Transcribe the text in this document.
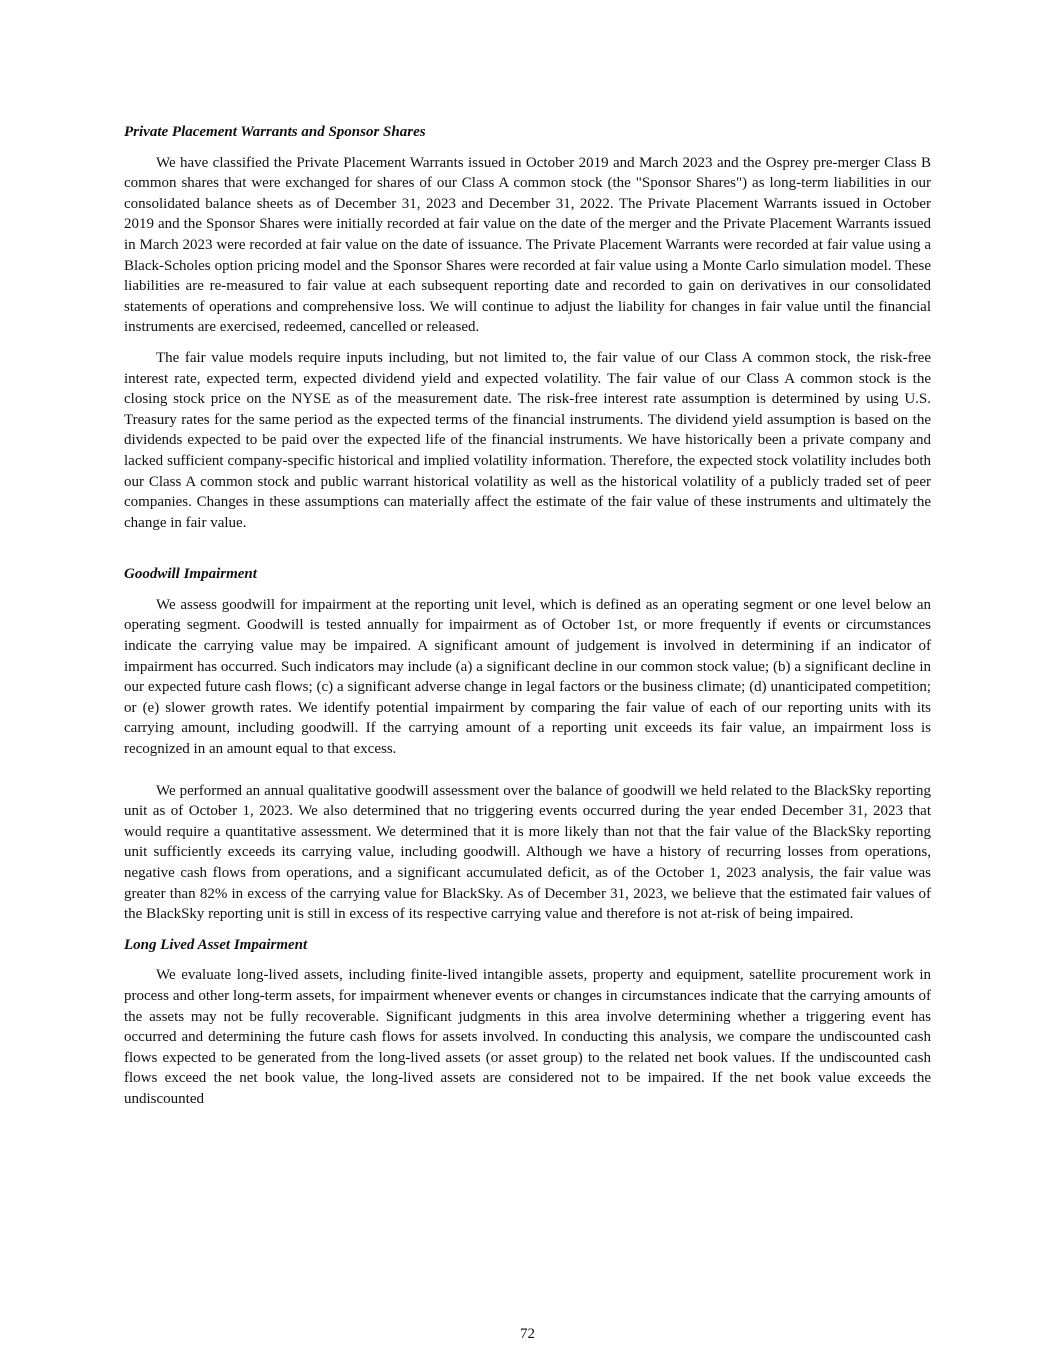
Private Placement Warrants and Sponsor Shares

We have classified the Private Placement Warrants issued in October 2019 and March 2023 and the Osprey pre-merger Class B common shares that were exchanged for shares of our Class A common stock (the "Sponsor Shares") as long-term liabilities in our consolidated balance sheets as of December 31, 2023 and December 31, 2022. The Private Placement Warrants issued in October 2019 and the Sponsor Shares were initially recorded at fair value on the date of the merger and the Private Placement Warrants issued in March 2023 were recorded at fair value on the date of issuance. The Private Placement Warrants were recorded at fair value using a Black-Scholes option pricing model and the Sponsor Shares were recorded at fair value using a Monte Carlo simulation model. These liabilities are re-measured to fair value at each subsequent reporting date and recorded to gain on derivatives in our consolidated statements of operations and comprehensive loss. We will continue to adjust the liability for changes in fair value until the financial instruments are exercised, redeemed, cancelled or released.

The fair value models require inputs including, but not limited to, the fair value of our Class A common stock, the risk-free interest rate, expected term, expected dividend yield and expected volatility. The fair value of our Class A common stock is the closing stock price on the NYSE as of the measurement date. The risk-free interest rate assumption is determined by using U.S. Treasury rates for the same period as the expected terms of the financial instruments. The dividend yield assumption is based on the dividends expected to be paid over the expected life of the financial instruments. We have historically been a private company and lacked sufficient company-specific historical and implied volatility information. Therefore, the expected stock volatility includes both our Class A common stock and public warrant historical volatility as well as the historical volatility of a publicly traded set of peer companies. Changes in these assumptions can materially affect the estimate of the fair value of these instruments and ultimately the change in fair value.

Goodwill Impairment

We assess goodwill for impairment at the reporting unit level, which is defined as an operating segment or one level below an operating segment. Goodwill is tested annually for impairment as of October 1st, or more frequently if events or circumstances indicate the carrying value may be impaired. A significant amount of judgement is involved in determining if an indicator of impairment has occurred. Such indicators may include (a) a significant decline in our common stock value; (b) a significant decline in our expected future cash flows; (c) a significant adverse change in legal factors or the business climate; (d) unanticipated competition; or (e) slower growth rates. We identify potential impairment by comparing the fair value of each of our reporting units with its carrying amount, including goodwill. If the carrying amount of a reporting unit exceeds its fair value, an impairment loss is recognized in an amount equal to that excess.

We performed an annual qualitative goodwill assessment over the balance of goodwill we held related to the BlackSky reporting unit as of October 1, 2023. We also determined that no triggering events occurred during the year ended December 31, 2023 that would require a quantitative assessment. We determined that it is more likely than not that the fair value of the BlackSky reporting unit sufficiently exceeds its carrying value, including goodwill. Although we have a history of recurring losses from operations, negative cash flows from operations, and a significant accumulated deficit, as of the October 1, 2023 analysis, the fair value was greater than 82% in excess of the carrying value for BlackSky. As of December 31, 2023, we believe that the estimated fair values of the BlackSky reporting unit is still in excess of its respective carrying value and therefore is not at-risk of being impaired.

Long Lived Asset Impairment

We evaluate long-lived assets, including finite-lived intangible assets, property and equipment, satellite procurement work in process and other long-term assets, for impairment whenever events or changes in circumstances indicate that the carrying amounts of the assets may not be fully recoverable. Significant judgments in this area involve determining whether a triggering event has occurred and determining the future cash flows for assets involved. In conducting this analysis, we compare the undiscounted cash flows expected to be generated from the long-lived assets (or asset group) to the related net book values. If the undiscounted cash flows exceed the net book value, the long-lived assets are considered not to be impaired. If the net book value exceeds the undiscounted

72
